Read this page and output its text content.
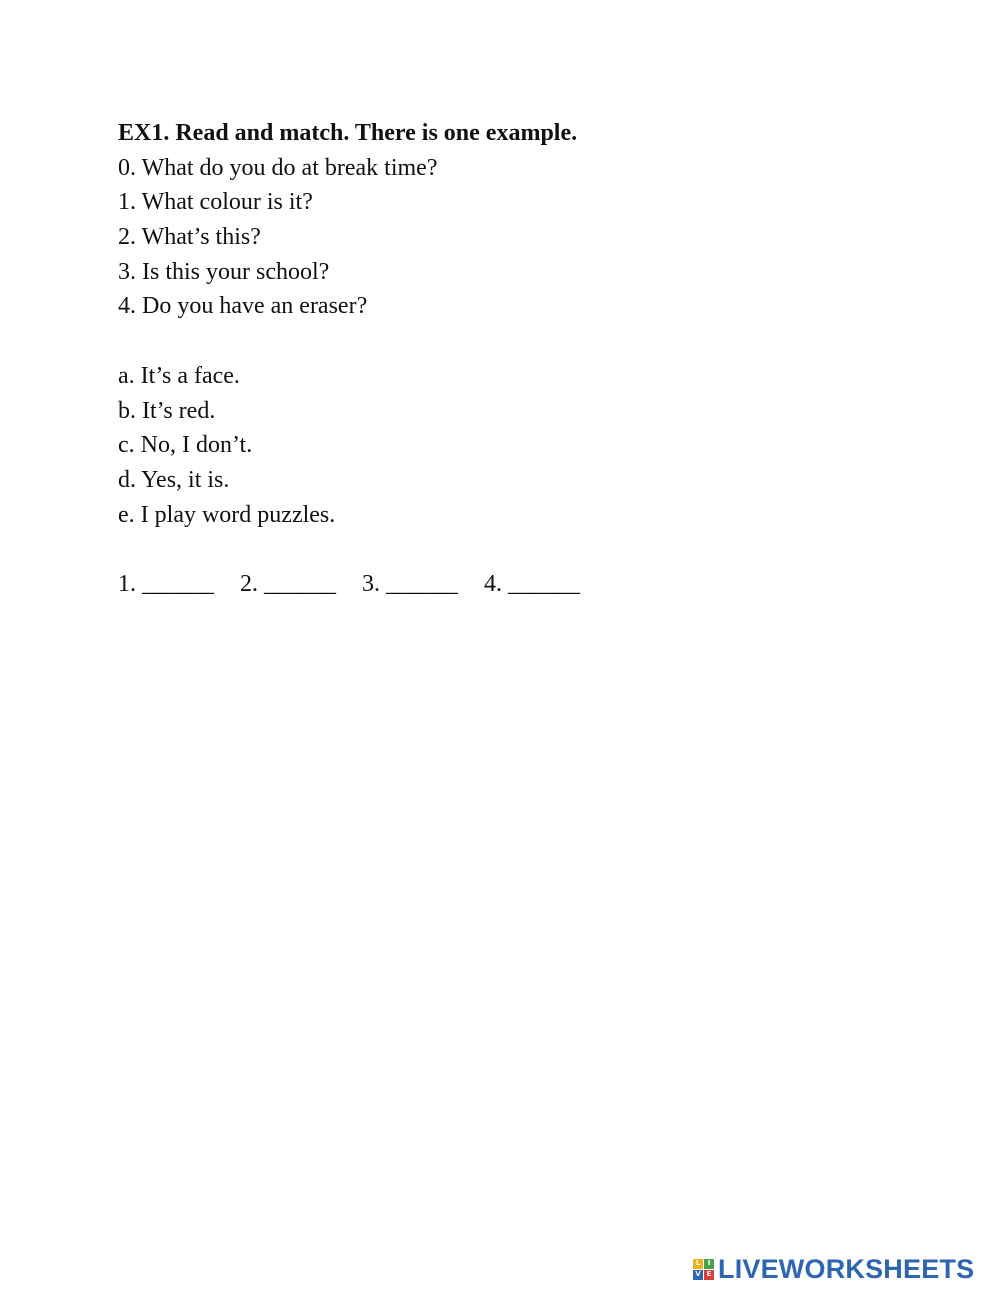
EX1. Read and match. There is one example.
0. What do you do at break time?
1. What colour is it?
2. What’s this?
3. Is this your school?
4. Do you have an eraser?
a. It’s a face.
b. It’s red.
c. No, I don’t.
d. Yes, it is.
e. I play word puzzles.
1. ______ 2. ______ 3. ______ 4. ______
L	I
V E LIVEWORKSHEETS
